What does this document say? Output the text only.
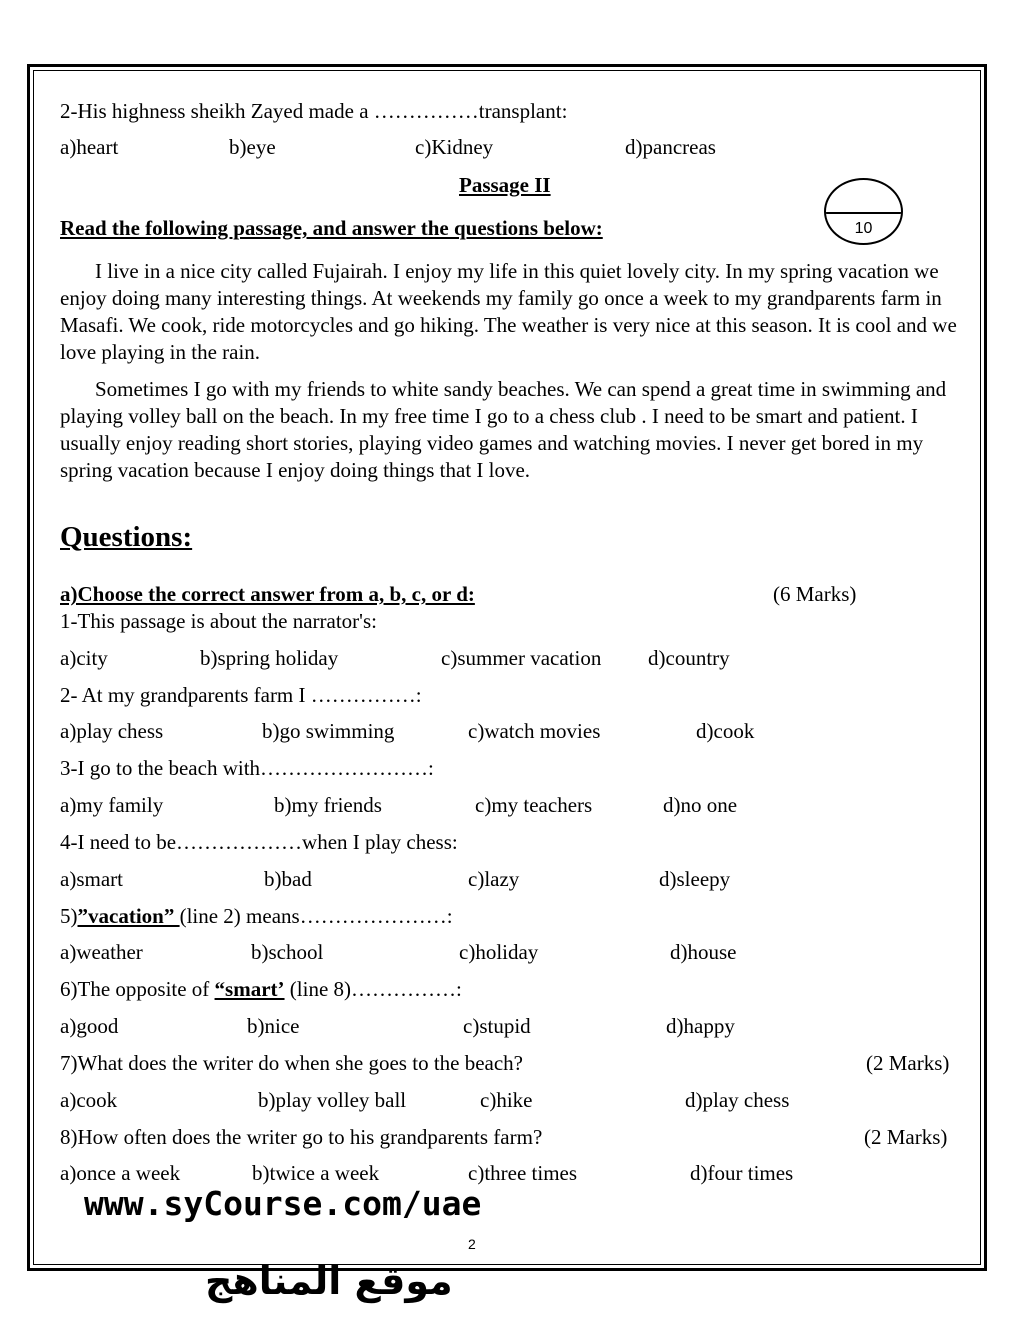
2-His highness sheikh Zayed made a ……………transplant:
a)heart	b)eye	c)Kidney	d)pancreas
Passage II
Read the following passage, and answer the questions below:	10

I live in a nice city called Fujairah. I enjoy my life in this quiet lovely city. In my spring vacation we enjoy doing many interesting things. At weekends my family go once a week to my grandparents farm in Masafi. We cook, ride motorcycles and go hiking. The weather is very nice at this season. It is cool and we love playing in the rain.

Sometimes I go with my friends to white sandy beaches. We can spend a great time in swimming and playing volley ball on the beach. In my free time I go to a chess club . I need to be smart and patient. I usually enjoy reading short stories, playing video games and watching movies. I never get bored in my spring vacation because I enjoy doing things that I love.

Questions:
a)Choose the correct answer from a, b, c, or d:	(6 Marks)
1-This passage is about the narrator's:
a)city	b)spring holiday	c)summer vacation d)country
2- At my grandparents farm I ……………:
a)play chess	b)go swimming	c)watch movies	d)cook
3-I go to the beach with……………………:
a)my family	b)my friends	c)my teachers	d)no one
4-I need to be………………when I play chess:
a)smart	b)bad	c)lazy	d)sleepy
5)”vacation” (line 2) means…………………:
a)weather	b)school	c)holiday	d)house
6)The opposite of “smart’ (line 8)……………:
a)good	b)nice	c)stupid	d)happy
7)What does the writer do when she goes to the beach?	(2 Marks)
a)cook	b)play volley ball	c)hike	d)play chess
8)How often does the writer go to his grandparents farm?	(2 Marks)
a)once a week	b)twice a week	c)three times	d)four times
www.syCourse.com/uae
2
موقع المناهج
